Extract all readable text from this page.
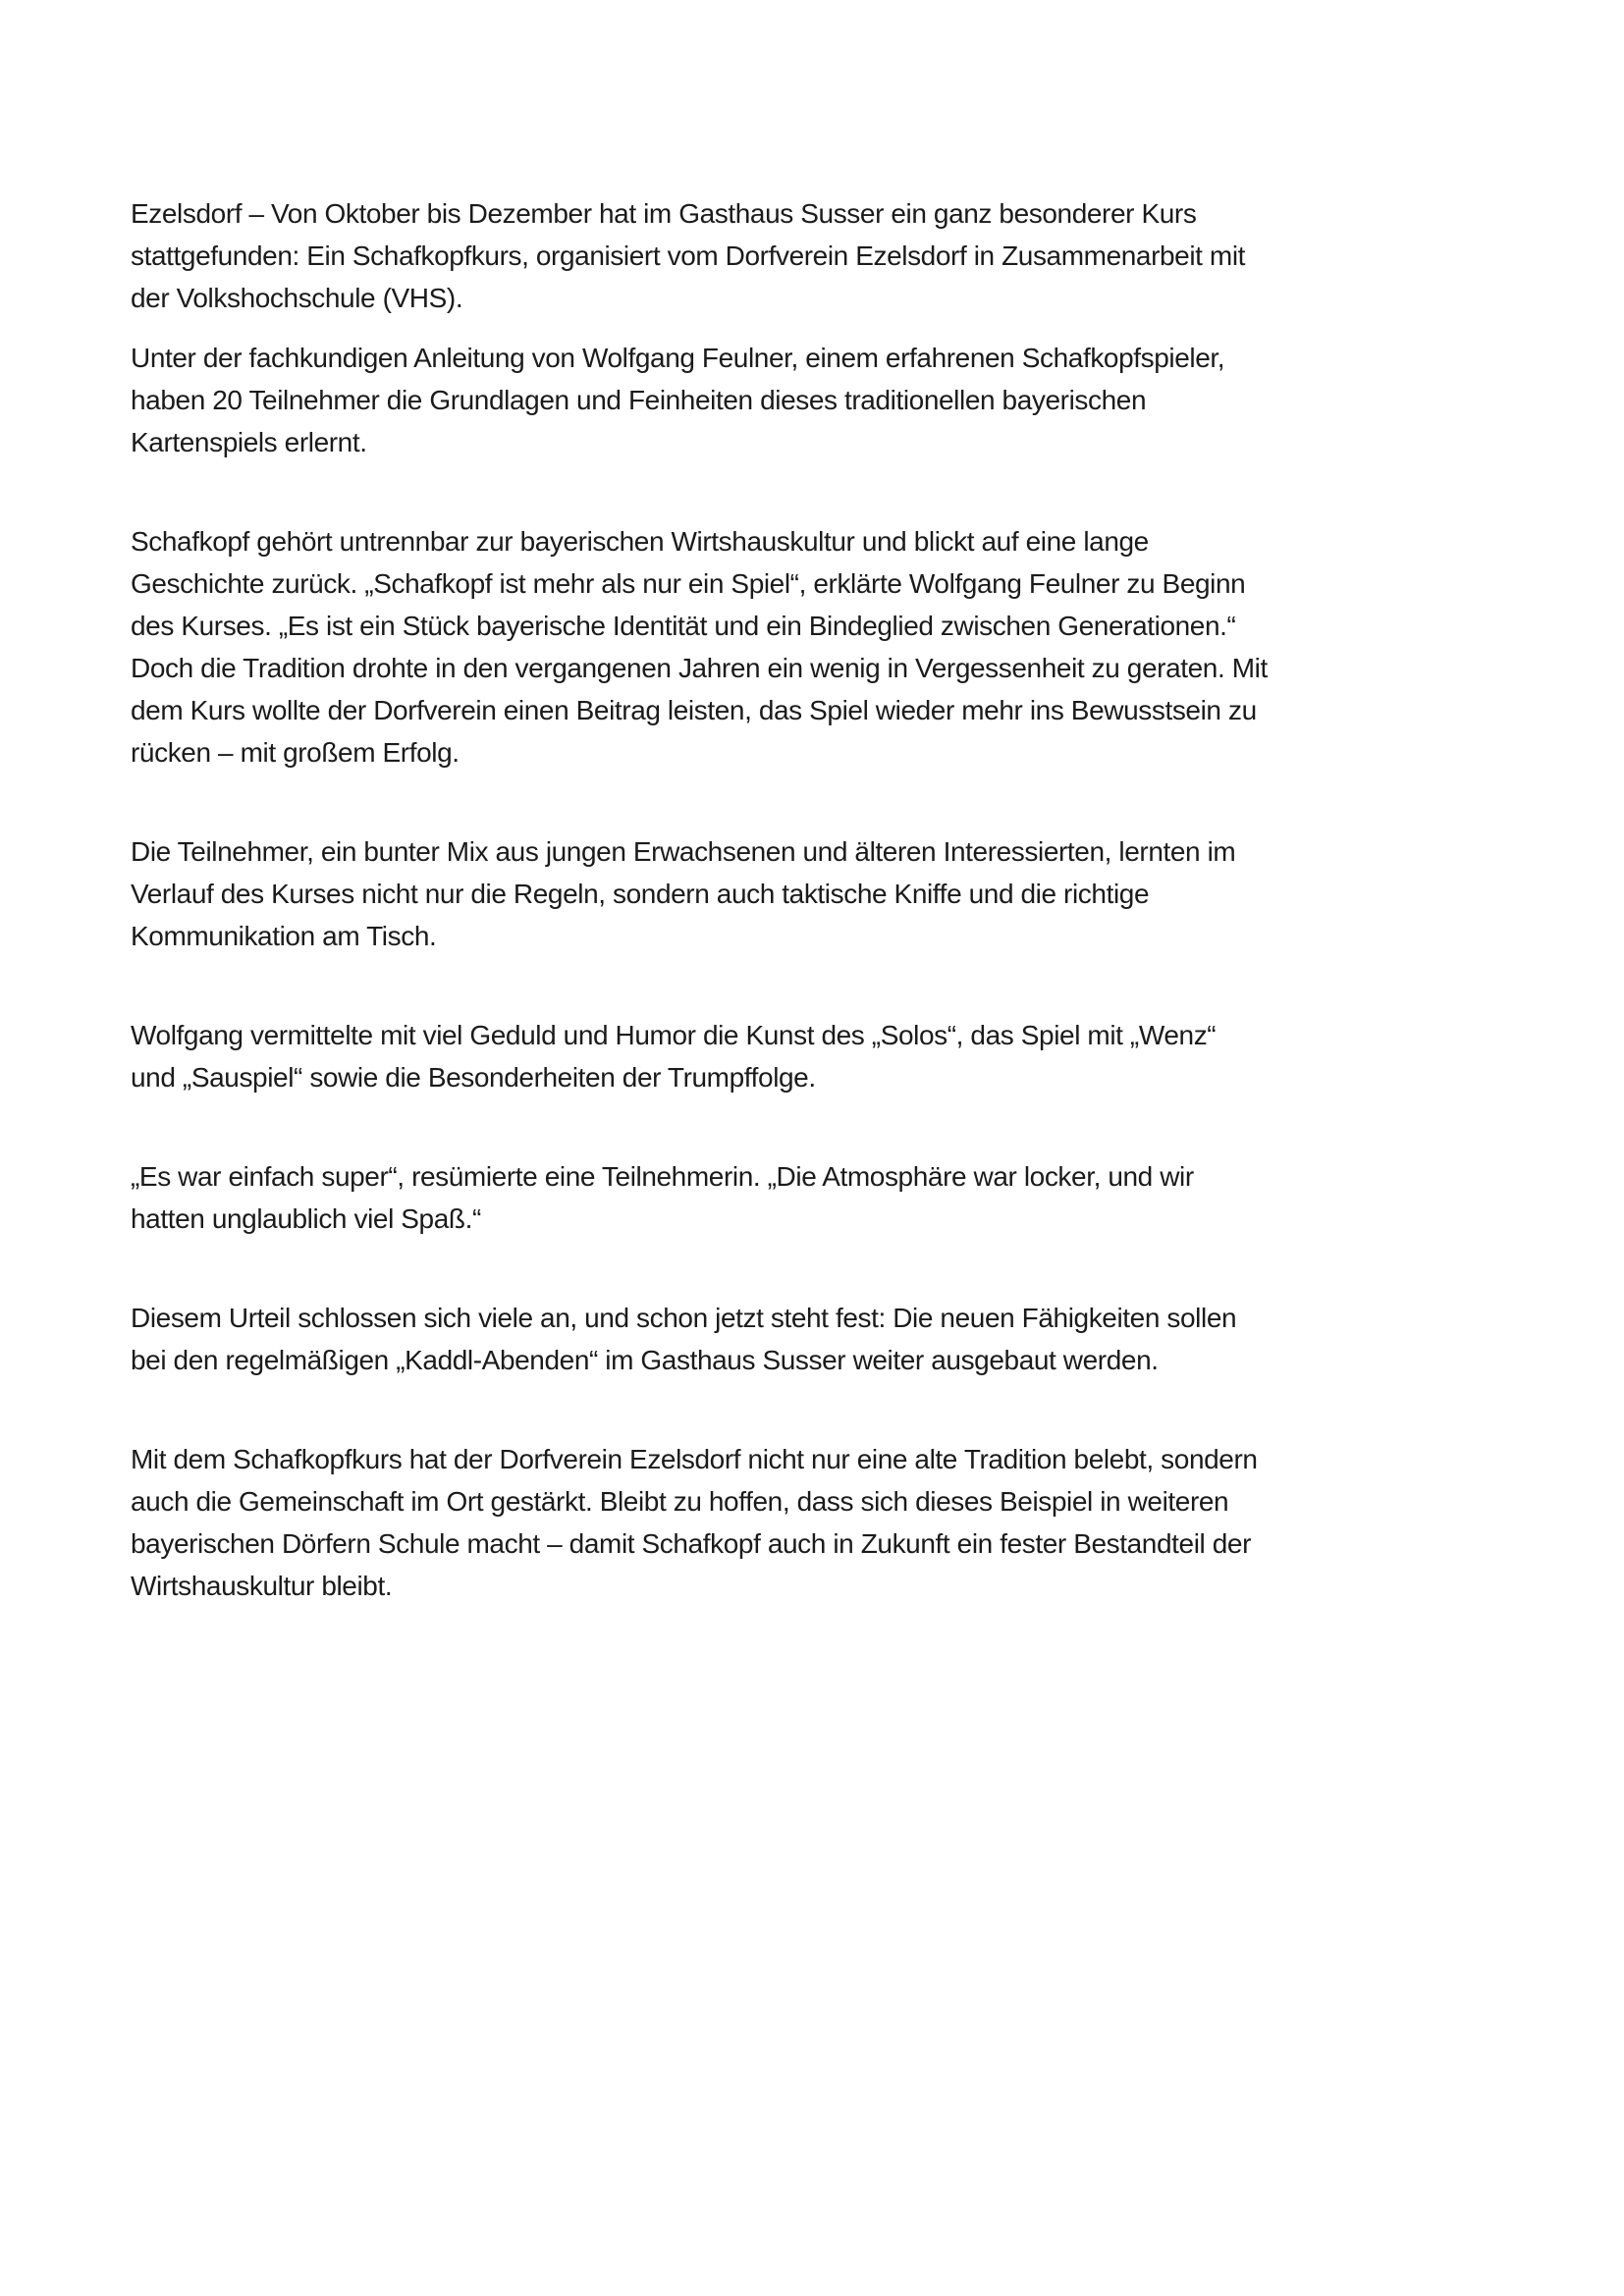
Ezelsdorf – Von Oktober bis Dezember hat im Gasthaus Susser ein ganz besonderer Kurs
stattgefunden: Ein Schafkopfkurs, organisiert vom Dorfverein Ezelsdorf in Zusammenarbeit mit
der Volkshochschule (VHS).

Unter der fachkundigen Anleitung von Wolfgang Feulner, einem erfahrenen Schafkopfspieler,
haben 20 Teilnehmer die Grundlagen und Feinheiten dieses traditionellen bayerischen
Kartenspiels erlernt.

Schafkopf gehört untrennbar zur bayerischen Wirtshauskultur und blickt auf eine lange
Geschichte zurück. „Schafkopf ist mehr als nur ein Spiel“, erklärte Wolfgang Feulner zu Beginn
des Kurses. „Es ist ein Stück bayerische Identität und ein Bindeglied zwischen Generationen.“
Doch die Tradition drohte in den vergangenen Jahren ein wenig in Vergessenheit zu geraten. Mit
dem Kurs wollte der Dorfverein einen Beitrag leisten, das Spiel wieder mehr ins Bewusstsein zu
rücken – mit großem Erfolg.

Die Teilnehmer, ein bunter Mix aus jungen Erwachsenen und älteren Interessierten, lernten im
Verlauf des Kurses nicht nur die Regeln, sondern auch taktische Kniffe und die richtige
Kommunikation am Tisch.

Wolfgang vermittelte mit viel Geduld und Humor die Kunst des „Solos“, das Spiel mit „Wenz“
und „Sauspiel“ sowie die Besonderheiten der Trumpffolge.

„Es war einfach super“, resümierte eine Teilnehmerin. „Die Atmosphäre war locker, und wir
hatten unglaublich viel Spaß.“

Diesem Urteil schlossen sich viele an, und schon jetzt steht fest: Die neuen Fähigkeiten sollen
bei den regelmäßigen „Kaddl-Abenden“ im Gasthaus Susser weiter ausgebaut werden.

Mit dem Schafkopfkurs hat der Dorfverein Ezelsdorf nicht nur eine alte Tradition belebt, sondern
auch die Gemeinschaft im Ort gestärkt. Bleibt zu hoffen, dass sich dieses Beispiel in weiteren
bayerischen Dörfern Schule macht – damit Schafkopf auch in Zukunft ein fester Bestandteil der
Wirtshauskultur bleibt.
